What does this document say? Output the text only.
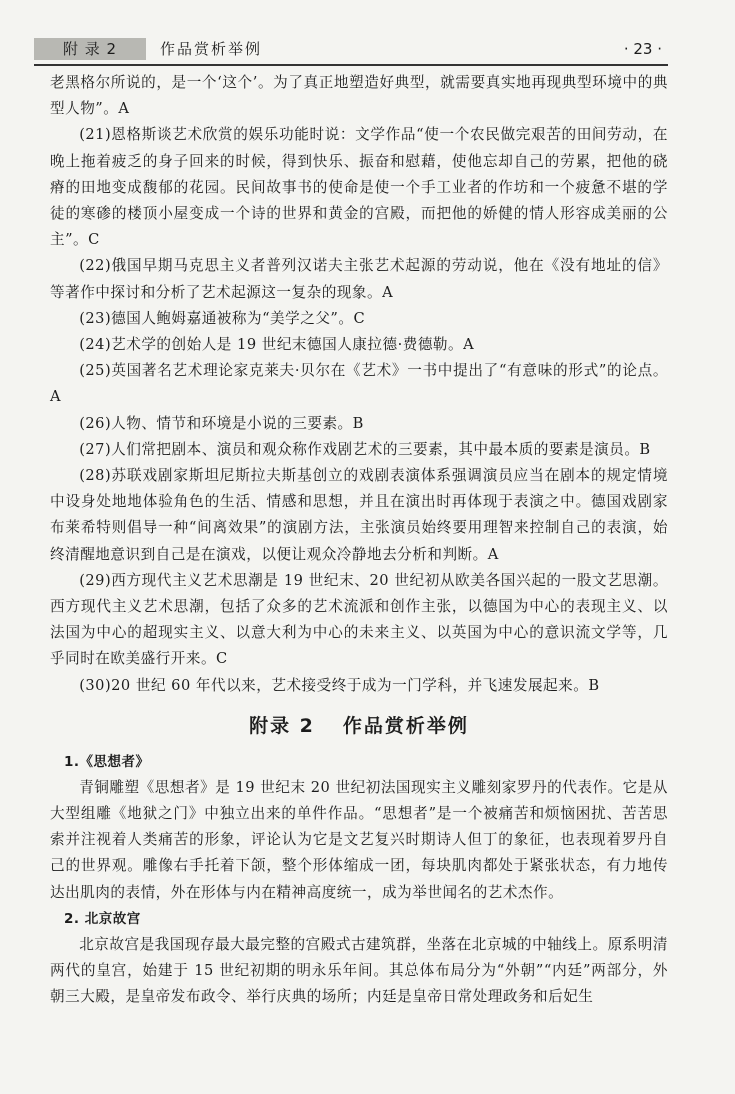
附 录 2	作品赏析举例	· 23 ·

老黑格尔所说的，是一个‘这个’。为了真正地塑造好典型，就需要真实地再现典型环境中的典型人物”。A

(21)恩格斯谈艺术欣赏的娱乐功能时说：文学作品“使一个农民做完艰苦的田间劳动，在晚上拖着疲乏的身子回来的时候，得到快乐、振奋和慰藉，使他忘却自己的劳累，把他的硗瘠的田地变成馥郁的花园。民间故事书的使命是使一个手工业者的作坊和一个疲惫不堪的学徒的寒碜的楼顶小屋变成一个诗的世界和黄金的宫殿，而把他的娇健的情人形容成美丽的公主”。C

(22)俄国早期马克思主义者普列汉诺夫主张艺术起源的劳动说，他在《没有地址的信》等著作中探讨和分析了艺术起源这一复杂的现象。A

(23)德国人鲍姆嘉通被称为“美学之父”。C

(24)艺术学的创始人是 19 世纪末德国人康拉德·费德勒。A

(25)英国著名艺术理论家克莱夫·贝尔在《艺术》一书中提出了“有意味的形式”的论点。A

(26)人物、情节和环境是小说的三要素。B

(27)人们常把剧本、演员和观众称作戏剧艺术的三要素，其中最本质的要素是演员。B

(28)苏联戏剧家斯坦尼斯拉夫斯基创立的戏剧表演体系强调演员应当在剧本的规定情境中设身处地地体验角色的生活、情感和思想，并且在演出时再体现于表演之中。德国戏剧家布莱希特则倡导一种“间离效果”的演剧方法，主张演员始终要用理智来控制自己的表演，始终清醒地意识到自己是在演戏，以便让观众冷静地去分析和判断。A

(29)西方现代主义艺术思潮是 19 世纪末、20 世纪初从欧美各国兴起的一股文艺思潮。西方现代主义艺术思潮，包括了众多的艺术流派和创作主张，以德国为中心的表现主义、以法国为中心的超现实主义、以意大利为中心的未来主义、以英国为中心的意识流文学等，几乎同时在欧美盛行开来。C

(30)20 世纪 60 年代以来，艺术接受终于成为一门学科，并飞速发展起来。B

附录 2 作品赏析举例

1.《思想者》

青铜雕塑《思想者》是 19 世纪末 20 世纪初法国现实主义雕刻家罗丹的代表作。它是从大型组雕《地狱之门》中独立出来的单件作品。“思想者”是一个被痛苦和烦恼困扰、苦苦思索并注视着人类痛苦的形象，评论认为它是文艺复兴时期诗人但丁的象征，也表现着罗丹自己的世界观。雕像右手托着下颌，整个形体缩成一团，每块肌肉都处于紧张状态，有力地传达出肌肉的表情，外在形体与内在精神高度统一，成为举世闻名的艺术杰作。

2. 北京故宫

北京故宫是我国现存最大最完整的宫殿式古建筑群，坐落在北京城的中轴线上。原系明清两代的皇宫，始建于 15 世纪初期的明永乐年间。其总体布局分为“外朝”“内廷”两部分，外朝三大殿，是皇帝发布政令、举行庆典的场所；内廷是皇帝日常处理政务和后妃生
